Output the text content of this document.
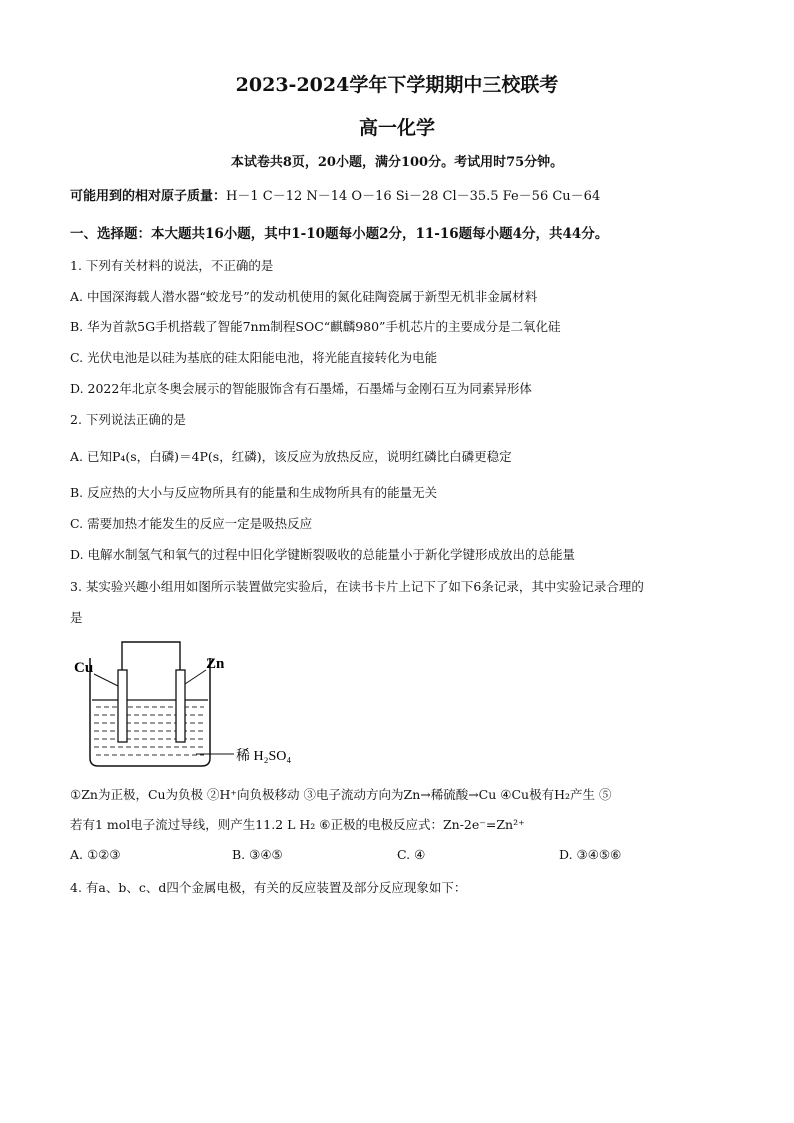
2023-2024学年下学期期中三校联考
高一化学
本试卷共8页，20小题，满分100分。考试用时75分钟。
可能用到的相对原子质量：H－1 C－12 N－14 O－16 Si－28 Cl－35.5 Fe－56 Cu－64
一、选择题：本大题共16小题，其中1-10题每小题2分，11-16题每小题4分，共44分。
1. 下列有关材料的说法，不正确的是
A. 中国深海载人潜水器“蛟龙号”的发动机使用的氮化硅陶瓷属于新型无机非金属材料
B. 华为首款5G手机搭载了智能7nm制程SOC“麒麟980”手机芯片的主要成分是二氧化硅
C. 光伏电池是以硅为基底的硅太阳能电池，将光能直接转化为电能
D. 2022年北京冬奥会展示的智能服饰含有石墨烯，石墨烯与金刚石互为同素异形体
2. 下列说法正确的是
A. 已知P₄(s，白磷)＝4P(s，红磷)，该反应为放热反应，说明红磷比白磷更稳定
B. 反应热的大小与反应物所具有的能量和生成物所具有的能量无关
C. 需要加热才能发生的反应一定是吸热反应
D. 电解水制氢气和氧气的过程中旧化学键断裂吸收的总能量小于新化学键形成放出的总能量
3. 某实验兴趣小组用如图所示装置做完实验后，在读书卡片上记下了如下6条记录，其中实验记录合理的
是
Cu	Zn
稀 H₂SO₄
①Zn为正极，Cu为负极 ②H⁺向负极移动 ③电子流动方向为Zn→稀硫酸→Cu ④Cu极有H₂产生 ⑤
若有1 mol电子流过导线，则产生11.2 L H₂ ⑥正极的电极反应式：Zn-2e⁻=Zn²⁺
A. ①②③	B. ③④⑤	C. ④	D. ③④⑤⑥
4. 有a、b、c、d四个金属电极，有关的反应装置及部分反应现象如下：
